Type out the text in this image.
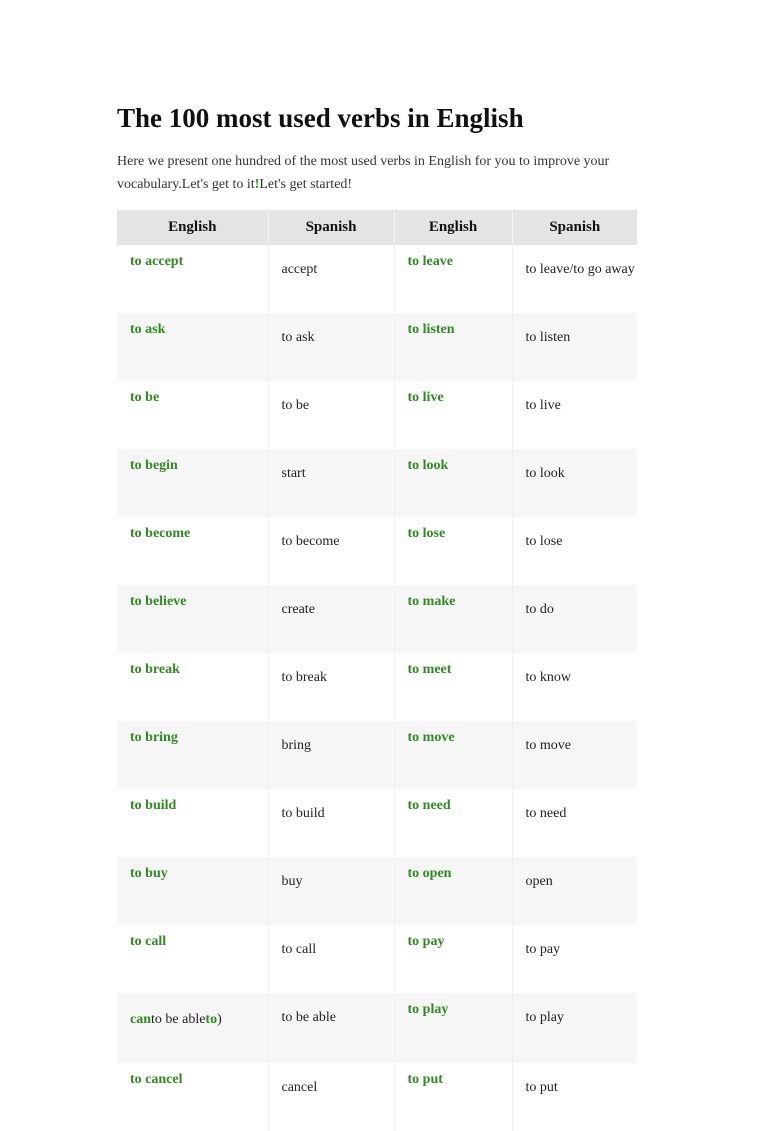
The 100 most used verbs in English

Here we present one hundred of the most used verbs in English for you to improve your vocabulary.Let's get to it!Let's get started!

English	Spanish	English	Spanish
to accept	accept	to leave	to leave/to go away
to ask	to ask	to listen	to listen
to be	to be	to live	to live
to begin	start	to look	to look
to become	to become	to lose	to lose
to believe	create	to make	to do
to break	to break	to meet	to know
to bring	bring	to move	to move
to build	to build	to need	to need
to buy	buy	to open	open
to call	to call	to pay	to pay
canto be ableto)	to be able	to play	to play
to cancel	cancel	to put	to put
